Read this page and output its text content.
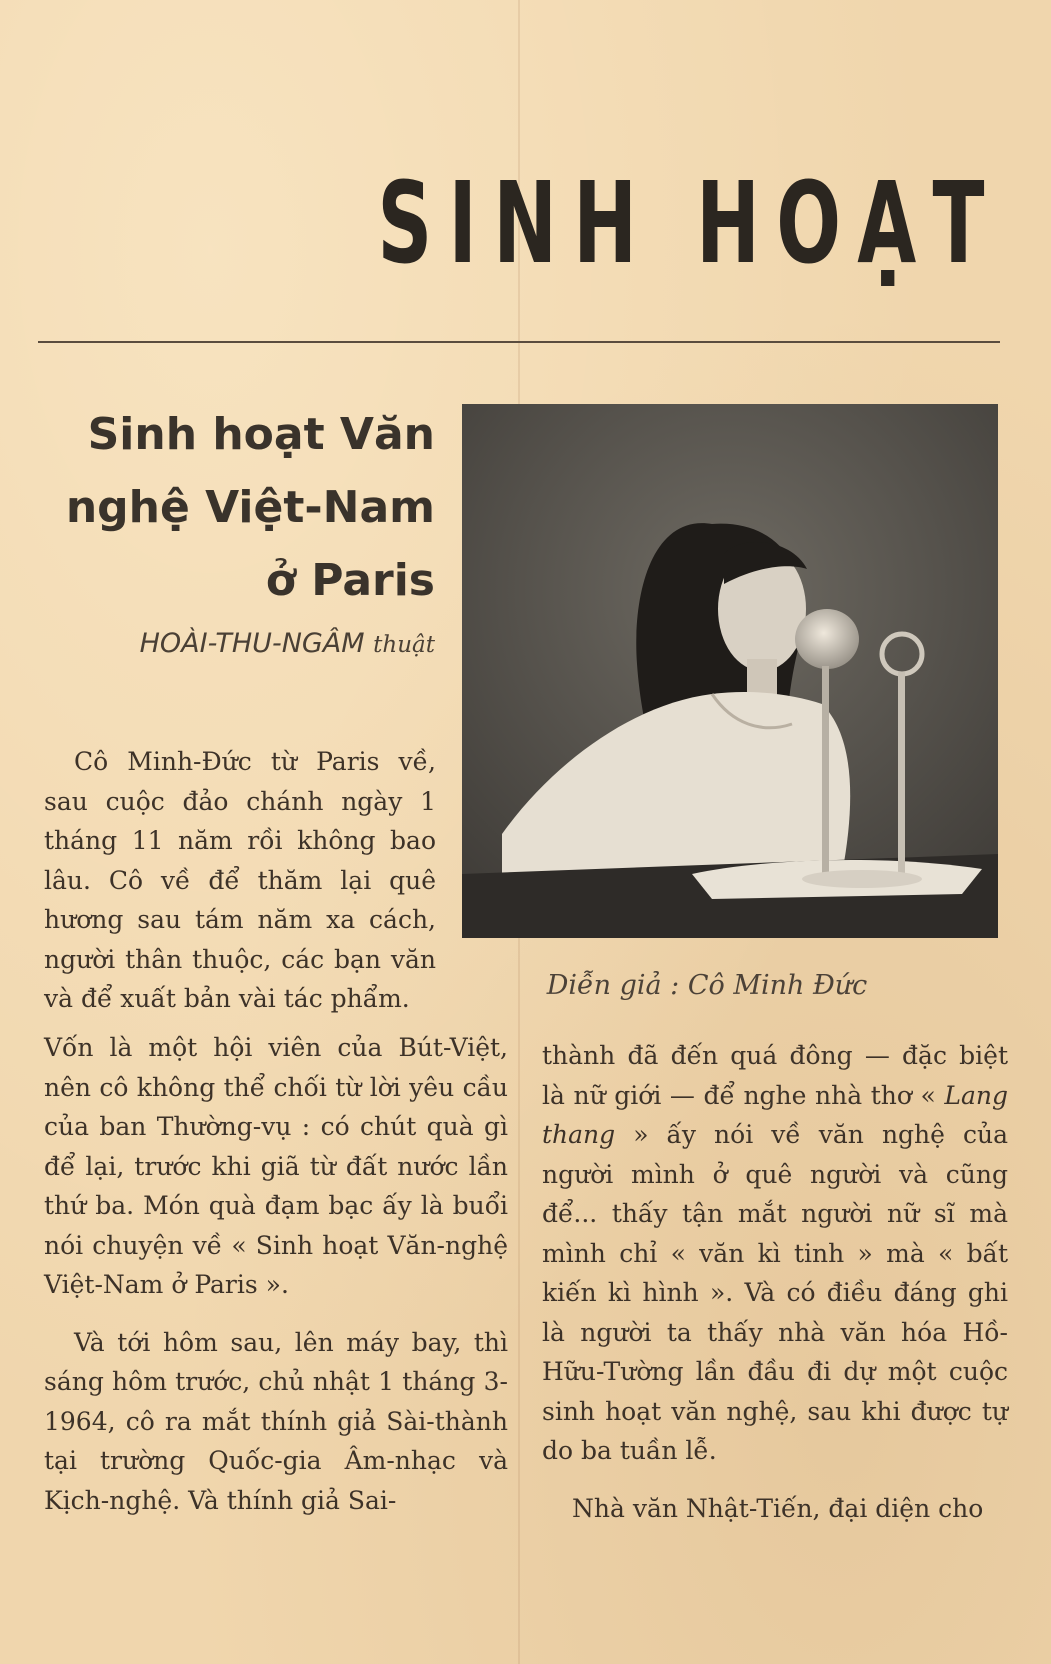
SINH HOẠT
Sinh hoạt Văn
nghệ Việt-Nam
ở Paris
HOÀI-THU-NGÂM thuật
Diễn giả : Cô Minh Đức

Cô Minh-Đức từ Paris về, sau cuộc đảo chánh ngày 1 tháng 11 năm rồi không bao lâu. Cô về để thăm lại quê hương sau tám năm xa cách, người thân thuộc, các bạn văn và để xuất bản vài tác phẩm.

Vốn là một hội viên của Bút-Việt, nên cô không thể chối từ lời yêu cầu của ban Thường-vụ : có chút quà gì để lại, trước khi giã từ đất nước lần thứ ba. Món quà đạm bạc ấy là buổi nói chuyện về « Sinh hoạt Văn-nghệ Việt-Nam ở Paris ».

Và tới hôm sau, lên máy bay, thì sáng hôm trước, chủ nhật 1 tháng 3-1964, cô ra mắt thính giả Sài-thành tại trường Quốc-gia Âm-nhạc và Kịch-nghệ. Và thính giả Sai-

thành đã đến quá đông — đặc biệt là nữ giới — để nghe nhà thơ « Lang thang » ấy nói về văn nghệ của người mình ở quê người và cũng để... thấy tận mắt người nữ sĩ mà mình chỉ « văn kì tinh » mà « bất kiến kì hình ». Và có điều đáng ghi là người ta thấy nhà văn hóa Hồ-Hữu-Tường lần đầu đi dự một cuộc sinh hoạt văn nghệ, sau khi được tự do ba tuần lễ.

Nhà văn Nhật-Tiến, đại diện cho
